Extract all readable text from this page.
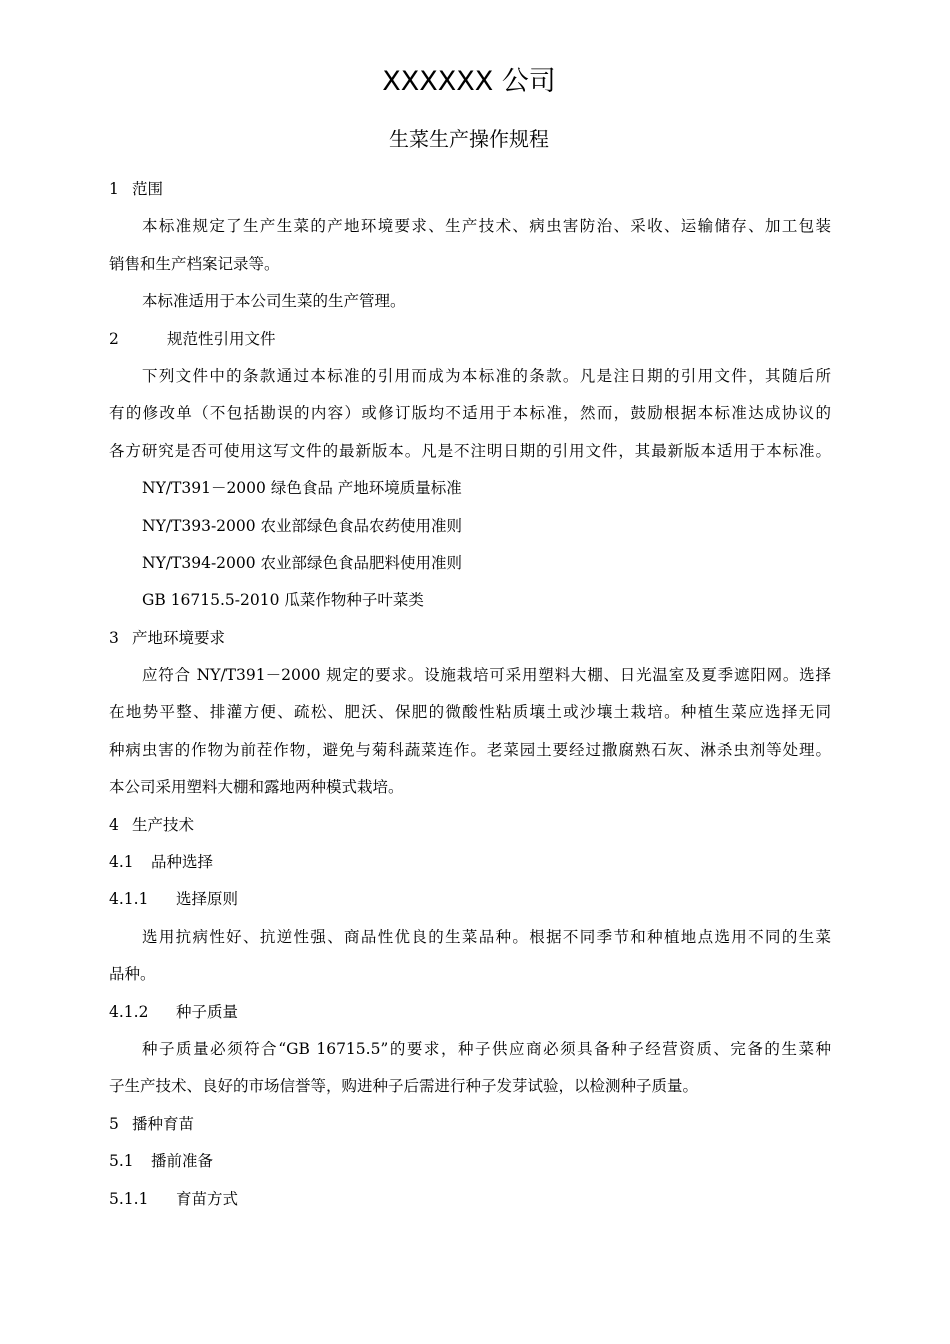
XXXXXX 公司
生菜生产操作规程
1 范围
本标准规定了生产生菜的产地环境要求、生产技术、病虫害防治、采收、运输储存、加工包装
销售和生产档案记录等。
本标准适用于本公司生菜的生产管理。
2	规范性引用文件
下列文件中的条款通过本标准的引用而成为本标准的条款。凡是注日期的引用文件，其随后所
有的修改单（不包括勘误的内容）或修订版均不适用于本标准，然而，鼓励根据本标准达成协议的
各方研究是否可使用这写文件的最新版本。凡是不注明日期的引用文件，其最新版本适用于本标准。
NY/T391－2000 绿色食品 产地环境质量标准
NY/T393-2000 农业部绿色食品农药使用准则
NY/T394-2000 农业部绿色食品肥料使用准则
GB 16715.5-2010 瓜菜作物种子叶菜类
3 产地环境要求
应符合 NY/T391－2000 规定的要求。设施栽培可采用塑料大棚、日光温室及夏季遮阳网。选择
在地势平整、排灌方便、疏松、肥沃、保肥的微酸性粘质壤土或沙壤土栽培。种植生菜应选择无同
种病虫害的作物为前茬作物，避免与菊科蔬菜连作。老菜园土要经过撒腐熟石灰、淋杀虫剂等处理。
本公司采用塑料大棚和露地两种模式栽培。
4 生产技术
4.1 品种选择
4.1.1 选择原则
选用抗病性好、抗逆性强、商品性优良的生菜品种。根据不同季节和种植地点选用不同的生菜
品种。
4.1.2 种子质量
种子质量必须符合“GB 16715.5”的要求，种子供应商必须具备种子经营资质、完备的生菜种
子生产技术、良好的市场信誉等，购进种子后需进行种子发芽试验，以检测种子质量。
5 播种育苗
5.1 播前准备
5.1.1 育苗方式
